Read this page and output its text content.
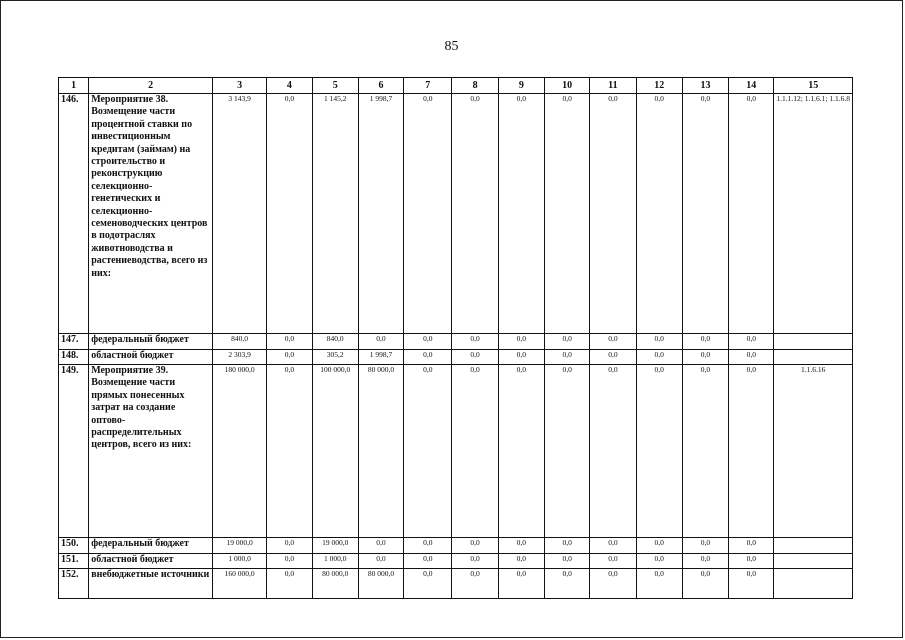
85
1	2	3	4	5	6	7	8	9	10	11	12	13	14	15
146.	Мероприятие 38. Возмещение части процентной ставки по инвестиционным кредитам (займам) на строительство и реконструкцию селекционно-генетических и селекционно-семеноводческих центров в подотраслях животноводства и растениеводства, всего из них:	3 143,9	0,0	1 145,2	1 998,7	0,0	0,0	0,0	0,0	0,0	0,0	0,0	0,0	1.1.1.12; 1.1.6.1; 1.1.6.8
147.	федеральный бюджет	840,0	0,0	840,0	0,0	0,0	0,0	0,0	0,0	0,0	0,0	0,0	0,0	
148.	областной бюджет	2 303,9	0,0	305,2	1 998,7	0,0	0,0	0,0	0,0	0,0	0,0	0,0	0,0	
149.	Мероприятие 39. Возмещение части прямых понесенных затрат на создание оптово-распределительных центров, всего из них:	180 000,0	0,0	100 000,0	80 000,0	0,0	0,0	0,0	0,0	0,0	0,0	0,0	0,0	1.1.6.16
150.	федеральный бюджет	19 000,0	0,0	19 000,0	0,0	0,0	0,0	0,0	0,0	0,0	0,0	0,0	0,0	
151.	областной бюджет	1 000,0	0,0	1 000,0	0,0	0,0	0,0	0,0	0,0	0,0	0,0	0,0	0,0	
152.	внебюджетные источники	160 000,0	0,0	80 000,0	80 000,0	0,0	0,0	0,0	0,0	0,0	0,0	0,0	0,0	
